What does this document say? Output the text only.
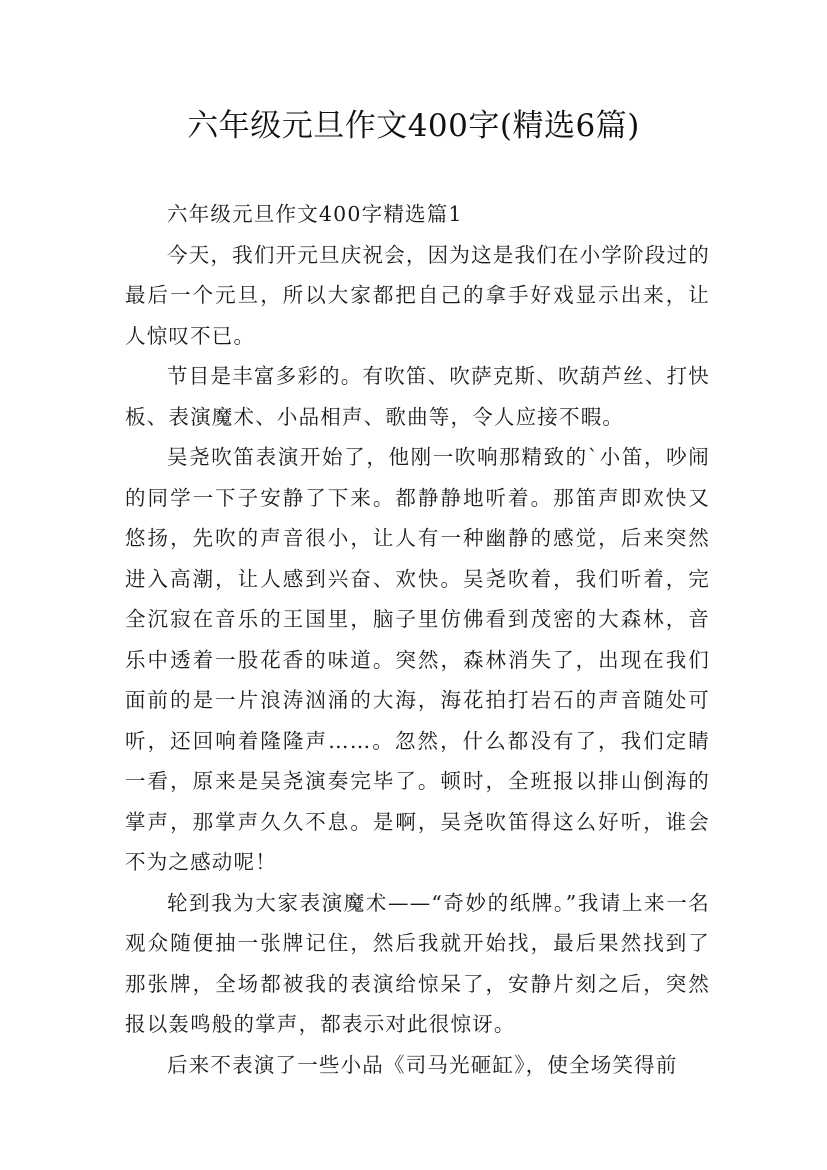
六年级元旦作文400字(精选6篇)

六年级元旦作文400字精选篇1

今天，我们开元旦庆祝会，因为这是我们在小学阶段过的最后一个元旦，所以大家都把自己的拿手好戏显示出来，让人惊叹不已。

节目是丰富多彩的。有吹笛、吹萨克斯、吹葫芦丝、打快板、表演魔术、小品相声、歌曲等，令人应接不暇。

吴尧吹笛表演开始了，他刚一吹响那精致的`小笛，吵闹的同学一下子安静了下来。都静静地听着。那笛声即欢快又悠扬，先吹的声音很小，让人有一种幽静的感觉，后来突然进入高潮，让人感到兴奋、欢快。吴尧吹着，我们听着，完全沉寂在音乐的王国里，脑子里仿佛看到茂密的大森林，音乐中透着一股花香的味道。突然，森林消失了，出现在我们面前的是一片浪涛汹涌的大海，海花拍打岩石的声音随处可听，还回响着隆隆声……。忽然，什么都没有了，我们定睛一看，原来是吴尧演奏完毕了。顿时，全班报以排山倒海的掌声，那掌声久久不息。是啊，吴尧吹笛得这么好听，谁会不为之感动呢！

轮到我为大家表演魔术——“奇妙的纸牌。”我请上来一名观众随便抽一张牌记住，然后我就开始找，最后果然找到了那张牌，全场都被我的表演给惊呆了，安静片刻之后，突然报以轰鸣般的掌声，都表示对此很惊讶。

后来不表演了一些小品《司马光砸缸》，使全场笑得前
